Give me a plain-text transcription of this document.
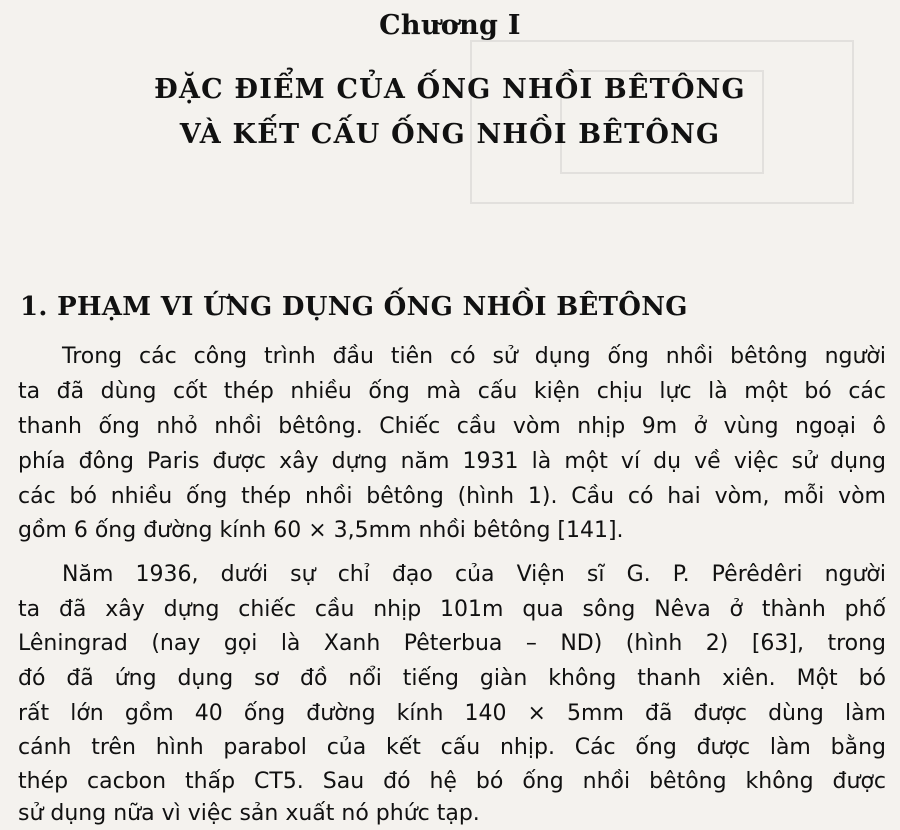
Chương I
ĐẶC ĐIỂM CỦA ỐNG NHỒI BÊTÔNG
VÀ KẾT CẤU ỐNG NHỒI BÊTÔNG
1. PHẠM VI ỨNG DỤNG ỐNG NHỒI BÊTÔNG
Trong các công trình đầu tiên có sử dụng ống nhồi bêtông người
ta đã dùng cốt thép nhiều ống mà cấu kiện chịu lực là một bó các
thanh ống nhỏ nhồi bêtông. Chiếc cầu vòm nhịp 9m ở vùng ngoại ô
phía đông Paris được xây dựng năm 1931 là một ví dụ về việc sử dụng
các bó nhiều ống thép nhồi bêtông (hình 1). Cầu có hai vòm, mỗi vòm
gồm 6 ống đường kính 60 × 3,5mm nhồi bêtông [141].
Năm 1936, dưới sự chỉ đạo của Viện sĩ G. P. Pêrêdêri người
ta đã xây dựng chiếc cầu nhịp 101m qua sông Nêva ở thành phố
Lêningrad (nay gọi là Xanh Pêterbua – ND) (hình 2) [63], trong
đó đã ứng dụng sơ đồ nổi tiếng giàn không thanh xiên. Một bó
rất lớn gồm 40 ống đường kính 140 × 5mm đã được dùng làm
cánh trên hình parabol của kết cấu nhịp. Các ống được làm bằng
thép cacbon thấp CT5. Sau đó hệ bó ống nhồi bêtông không được
sử dụng nữa vì việc sản xuất nó phức tạp.
